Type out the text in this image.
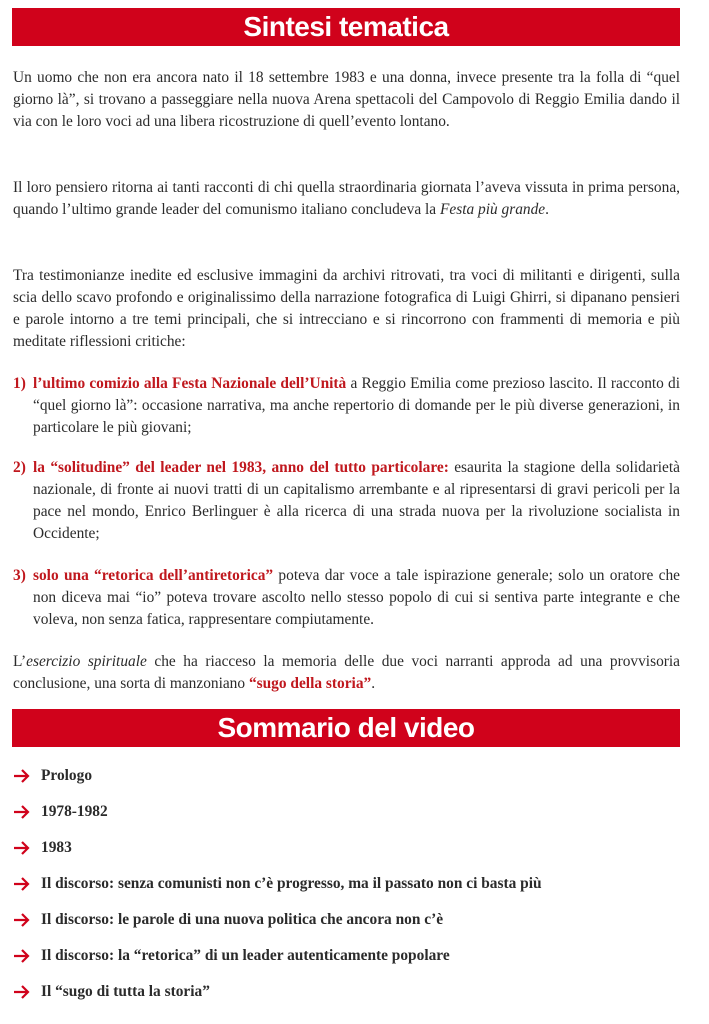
Sintesi tematica

Un uomo che non era ancora nato il 18 settembre 1983 e una donna, invece presente tra la folla di “quel giorno là”, si trovano a passeggiare nella nuova Arena spettacoli del Campovolo di Reggio Emilia dando il via con le loro voci ad una libera ricostruzione di quell’evento lontano.

Il loro pensiero ritorna ai tanti racconti di chi quella straordinaria giornata l’aveva vissuta in prima persona, quando l’ultimo grande leader del comunismo italiano concludeva la Festa più grande.

Tra testimonianze inedite ed esclusive immagini da archivi ritrovati, tra voci di militanti e dirigenti, sulla scia dello scavo profondo e originalissimo della narrazione fotografica di Luigi Ghirri, si dipanano pensieri e parole intorno a tre temi principali, che si intrecciano e si rincorrono con frammenti di memoria e più meditate riflessioni critiche:

1) l’ultimo comizio alla Festa Nazionale dell’Unità a Reggio Emilia come prezioso lascito. Il racconto di “quel giorno là”: occasione narrativa, ma anche repertorio di domande per le più diverse generazioni, in particolare le più giovani;
2) la “solitudine” del leader nel 1983, anno del tutto particolare: esaurita la stagione della solidarietà nazionale, di fronte ai nuovi tratti di un capitalismo arrembante e al ripresentarsi di gravi pericoli per la pace nel mondo, Enrico Berlinguer è alla ricerca di una strada nuova per la rivoluzione socialista in Occidente;
3) solo una “retorica dell’antiretorica” poteva dar voce a tale ispirazione generale; solo un oratore che non diceva mai “io” poteva trovare ascolto nello stesso popolo di cui si sentiva parte integrante e che voleva, non senza fatica, rappresentare compiutamente.

L’esercizio spirituale che ha riacceso la memoria delle due voci narranti approda ad una provvisoria conclusione, una sorta di manzoniano “sugo della storia”.

Sommario del video
Prologo
1978-1982
1983
Il discorso: senza comunisti non c’è progresso, ma il passato non ci basta più
Il discorso: le parole di una nuova politica che ancora non c’è
Il discorso: la “retorica” di un leader autenticamente popolare
Il “sugo di tutta la storia”
